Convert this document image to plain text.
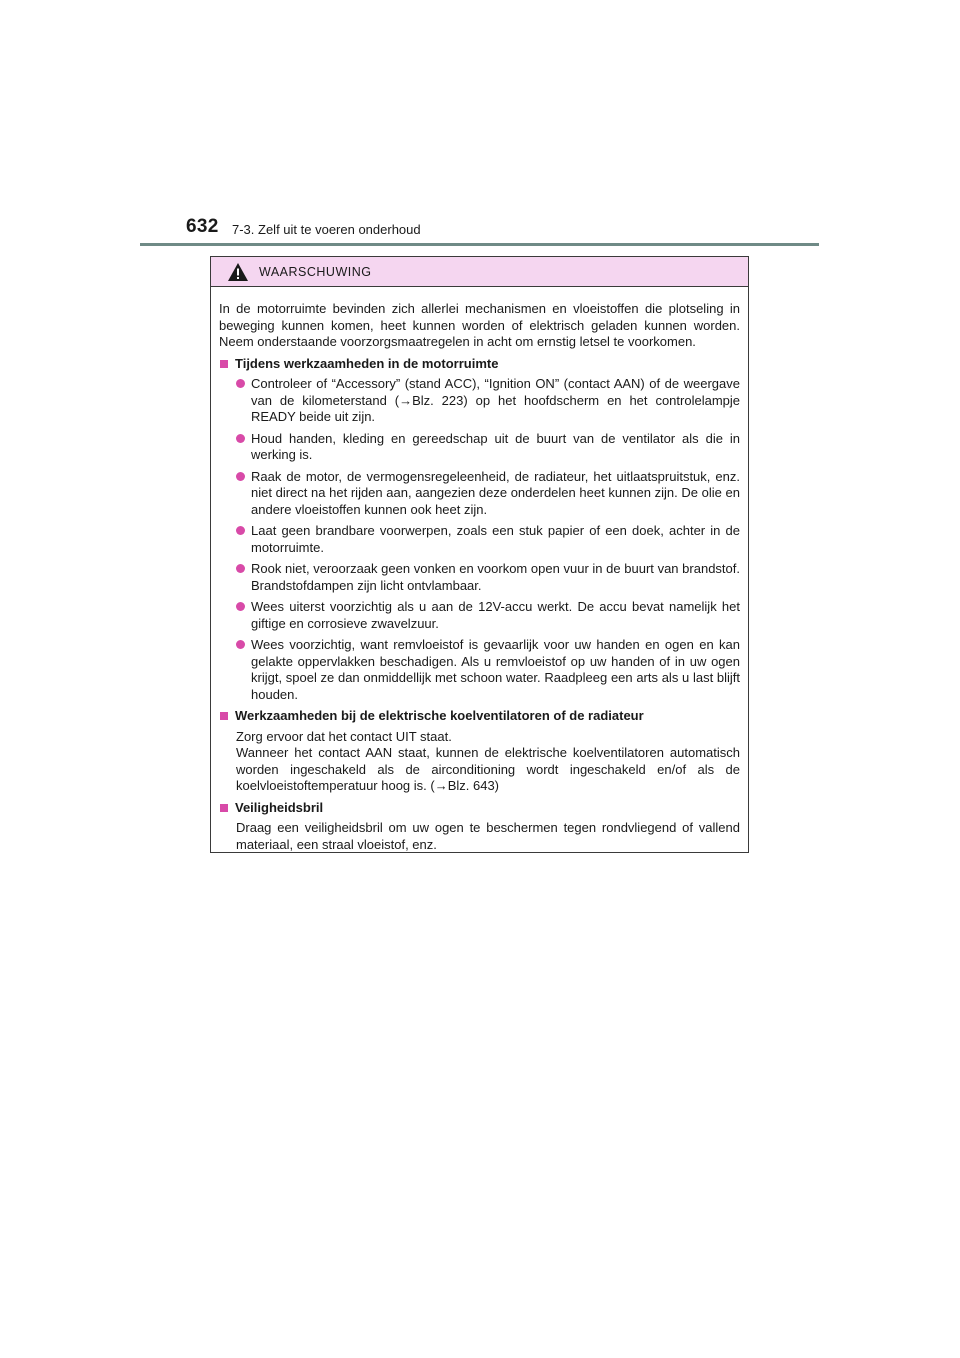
632 7-3. Zelf uit te voeren onderhoud
WAARSCHUWING

In de motorruimte bevinden zich allerlei mechanismen en vloeistoffen die plotseling in beweging kunnen komen, heet kunnen worden of elektrisch geladen kunnen worden. Neem onderstaande voorzorgsmaatregelen in acht om ernstig letsel te voorkomen.

Tijdens werkzaamheden in de motorruimte
Controleer of “Accessory” (stand ACC), “Ignition ON” (contact AAN) of de weergave van de kilometerstand (→Blz. 223) op het hoofdscherm en het controlelampje READY beide uit zijn.
Houd handen, kleding en gereedschap uit de buurt van de ventilator als die in werking is.
Raak de motor, de vermogensregeleenheid, de radiateur, het uitlaatspruitstuk, enz. niet direct na het rijden aan, aangezien deze onderdelen heet kunnen zijn. De olie en andere vloeistoffen kunnen ook heet zijn.
Laat geen brandbare voorwerpen, zoals een stuk papier of een doek, achter in de motorruimte.
Rook niet, veroorzaak geen vonken en voorkom open vuur in de buurt van brandstof. Brandstofdampen zijn licht ontvlambaar.
Wees uiterst voorzichtig als u aan de 12V-accu werkt. De accu bevat namelijk het giftige en corrosieve zwavelzuur.
Wees voorzichtig, want remvloeistof is gevaarlijk voor uw handen en ogen en kan gelakte oppervlakken beschadigen. Als u remvloeistof op uw handen of in uw ogen krijgt, spoel ze dan onmiddellijk met schoon water. Raadpleeg een arts als u last blijft houden.
Werkzaamheden bij de elektrische koelventilatoren of de radiateur

Zorg ervoor dat het contact UIT staat.

Wanneer het contact AAN staat, kunnen de elektrische koelventilatoren automatisch worden ingeschakeld als de airconditioning wordt ingeschakeld en/of als de koelvloeistoftemperatuur hoog is. (→Blz. 643)

Veiligheidsbril

Draag een veiligheidsbril om uw ogen te beschermen tegen rondvliegend of vallend materiaal, een straal vloeistof, enz.
